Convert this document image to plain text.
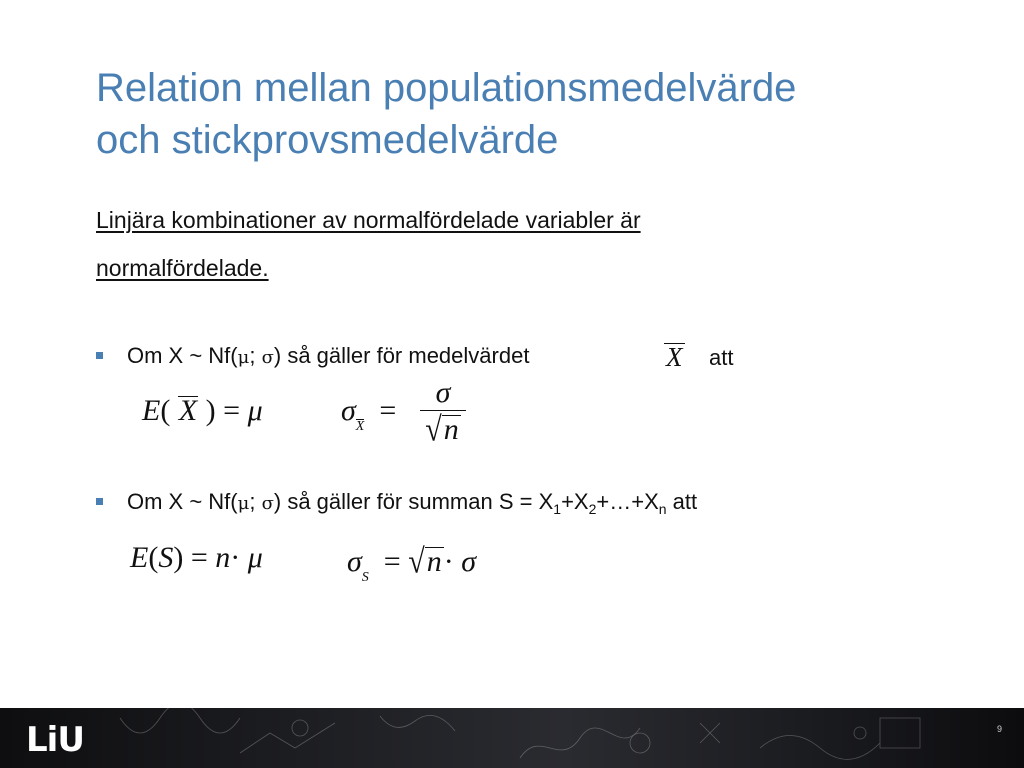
Relation mellan populationsmedelvärde
och stickprovsmedelvärde
Linjära kombinationer av normalfördelade variabler är
normalfördelade.
Om X ~ Nf(μ; σ) så gäller för medelvärdet	X att
E( X ) = μ	$\sigma_X = \frac{\sigma}{√n}$
Om X ~ Nf(μ; σ) så gäller för summan $S = X_1+X_2+\dots+X_n$ att
E(S) = n· μ	$\sigma_S = √n\cdot \sigma$
LiU	9
